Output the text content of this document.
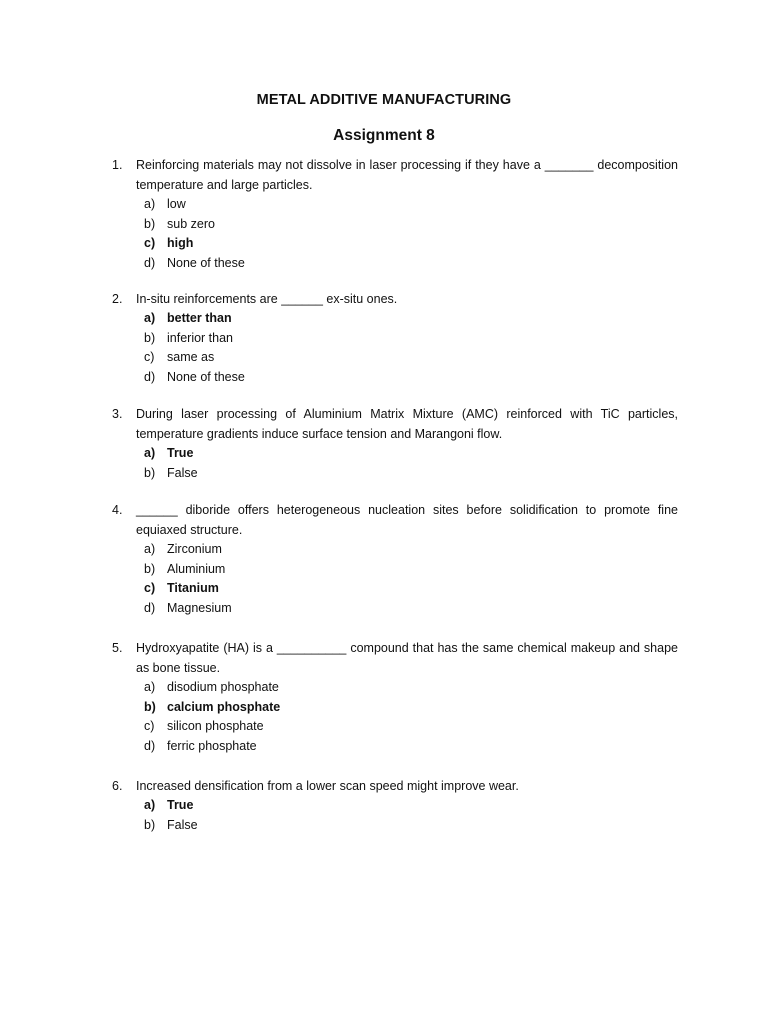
METAL ADDITIVE MANUFACTURING
Assignment 8
1. Reinforcing materials may not dissolve in laser processing if they have a _______ decomposition temperature and large particles.
a) low
b) sub zero
c) high
d) None of these
2. In-situ reinforcements are ______ ex-situ ones.
a) better than
b) inferior than
c) same as
d) None of these
3. During laser processing of Aluminium Matrix Mixture (AMC) reinforced with TiC particles, temperature gradients induce surface tension and Marangoni flow.
a) True
b) False
4. ______ diboride offers heterogeneous nucleation sites before solidification to promote fine equiaxed structure.
a) Zirconium
b) Aluminium
c) Titanium
d) Magnesium
5. Hydroxyapatite (HA) is a __________ compound that has the same chemical makeup and shape as bone tissue.
a) disodium phosphate
b) calcium phosphate
c) silicon phosphate
d) ferric phosphate
6. Increased densification from a lower scan speed might improve wear.
a) True
b) False
